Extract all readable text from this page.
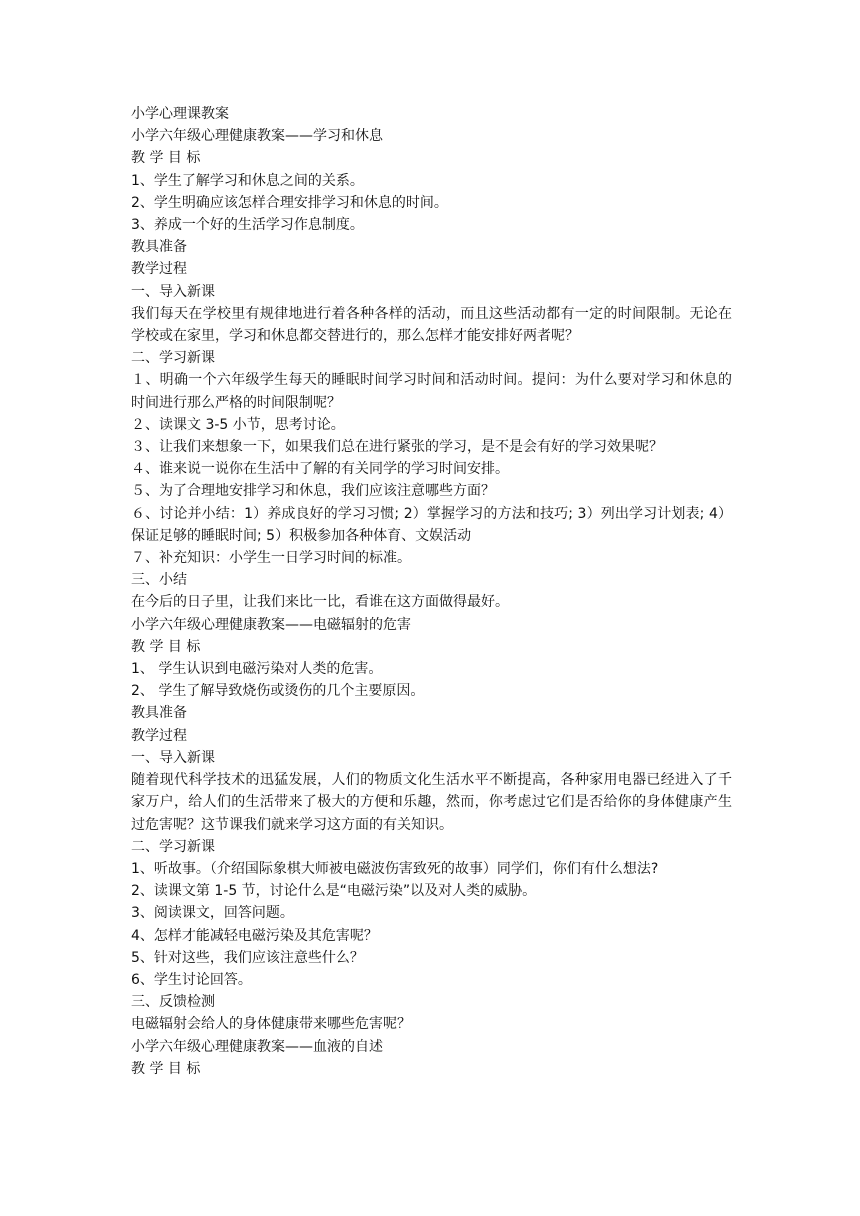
小学心理课教案
小学六年级心理健康教案——学习和休息
教 学 目 标
1、学生了解学习和休息之间的关系。
2、学生明确应该怎样合理安排学习和休息的时间。
3、养成一个好的生活学习作息制度。
教具准备
教学过程
一、导入新课
我们每天在学校里有规律地进行着各种各样的活动，而且这些活动都有一定的时间限制。无论在学校或在家里，学习和休息都交替进行的，那么怎样才能安排好两者呢？
二、学习新课
１、明确一个六年级学生每天的睡眠时间学习时间和活动时间。提问：为什么要对学习和休息的时间进行那么严格的时间限制呢？
２、读课文 3-5 小节，思考讨论。
３、让我们来想象一下，如果我们总在进行紧张的学习，是不是会有好的学习效果呢？
４、谁来说一说你在生活中了解的有关同学的学习时间安排。
５、为了合理地安排学习和休息，我们应该注意哪些方面？
６、讨论并小结：1）养成良好的学习习惯; 2）掌握学习的方法和技巧; 3）列出学习计划表; 4）保证足够的睡眠时间; 5）积极参加各种体育、文娱活动
７、补充知识：小学生一日学习时间的标准。
三、小结
在今后的日子里，让我们来比一比，看谁在这方面做得最好。
小学六年级心理健康教案——电磁辐射的危害
教 学 目 标
1、 学生认识到电磁污染对人类的危害。
2、 学生了解导致烧伤或烫伤的几个主要原因。
教具准备
教学过程
一、导入新课
随着现代科学技术的迅猛发展，人们的物质文化生活水平不断提高，各种家用电器已经进入了千家万户，给人们的生活带来了极大的方便和乐趣，然而，你考虑过它们是否给你的身体健康产生过危害呢？这节课我们就来学习这方面的有关知识。
二、学习新课
1、听故事。（介绍国际象棋大师被电磁波伤害致死的故事）同学们，你们有什么想法?
2、读课文第 1-5 节，讨论什么是“电磁污染”以及对人类的威胁。
3、阅读课文，回答问题。
4、怎样才能减轻电磁污染及其危害呢？
5、针对这些，我们应该注意些什么？
6、学生讨论回答。
三、反馈检测
电磁辐射会给人的身体健康带来哪些危害呢？
小学六年级心理健康教案——血液的自述
教 学 目 标
